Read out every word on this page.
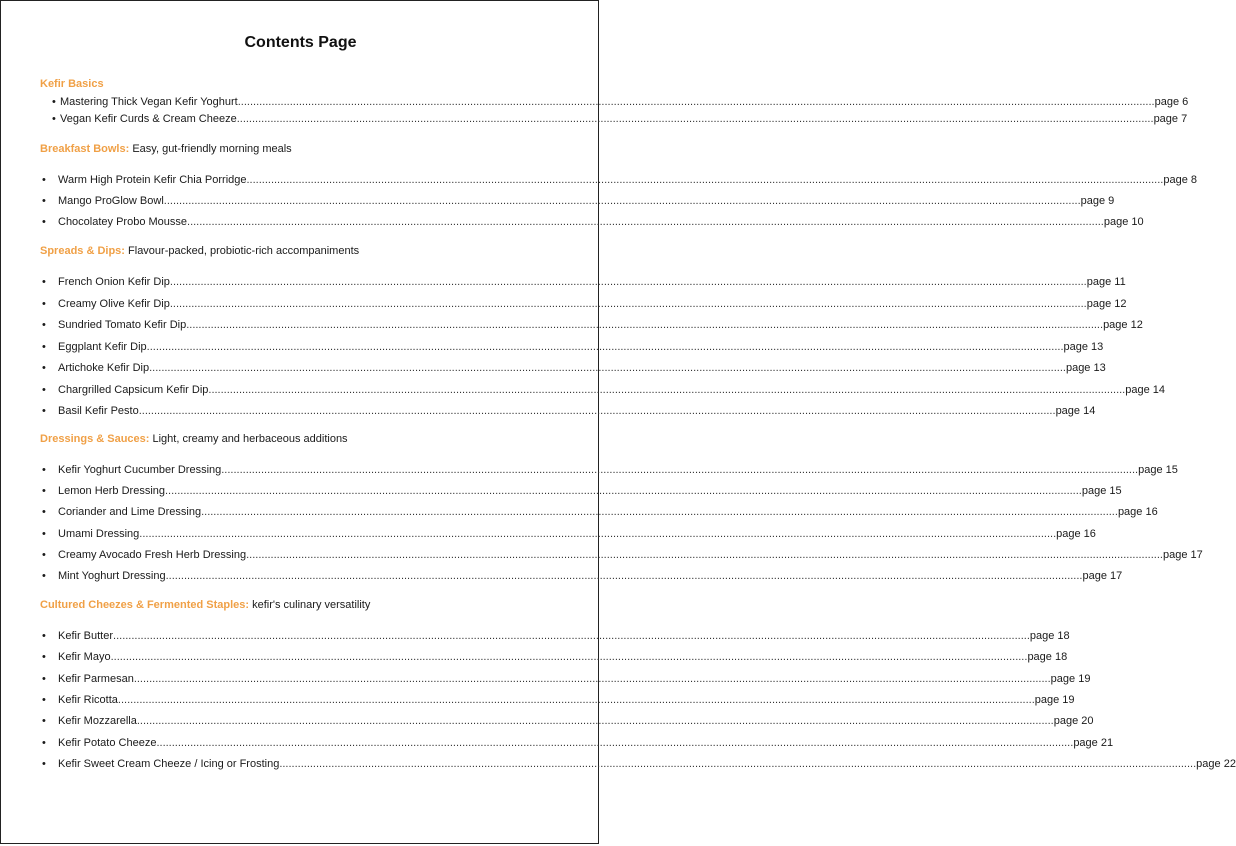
Contents Page
Kefir Basics
• Mastering Thick Vegan Kefir Yoghurt ............................................................................................................................................................................................................................................................................................................ page 6
• Vegan Kefir Curds & Cream Cheeze ............................................................................................................................................................................................................................................................................................................ page 7
Breakfast Bowls: Easy, gut-friendly morning meals
• Warm High Protein Kefir Chia Porridge ............................................................................................................................................................................................................................................................................................................ page 8
• Mango ProGlow Bowl ............................................................................................................................................................................................................................................................................................................ page 9
• Chocolatey Probo Mousse ............................................................................................................................................................................................................................................................................................................ page 10
Spreads & Dips: Flavour-packed, probiotic-rich accompaniments
• French Onion Kefir Dip ............................................................................................................................................................................................................................................................................................................ page 11
• Creamy Olive Kefir Dip ............................................................................................................................................................................................................................................................................................................ page 12
• Sundried Tomato Kefir Dip ............................................................................................................................................................................................................................................................................................................ page 12
• Eggplant Kefir Dip ............................................................................................................................................................................................................................................................................................................ page 13
• Artichoke Kefir Dip ............................................................................................................................................................................................................................................................................................................ page 13
• Chargrilled Capsicum Kefir Dip ............................................................................................................................................................................................................................................................................................................ page 14
• Basil Kefir Pesto ............................................................................................................................................................................................................................................................................................................ page 14
Dressings & Sauces: Light, creamy and herbaceous additions
• Kefir Yoghurt Cucumber Dressing ............................................................................................................................................................................................................................................................................................................ page 15
• Lemon Herb Dressing ............................................................................................................................................................................................................................................................................................................ page 15
• Coriander and Lime Dressing ............................................................................................................................................................................................................................................................................................................ page 16
• Umami Dressing ............................................................................................................................................................................................................................................................................................................ page 16
• Creamy Avocado Fresh Herb Dressing ............................................................................................................................................................................................................................................................................................................ page 17
• Mint Yoghurt Dressing ............................................................................................................................................................................................................................................................................................................ page 17
Cultured Cheezes & Fermented Staples: kefir's culinary versatility
• Kefir Butter ............................................................................................................................................................................................................................................................................................................ page 18
• Kefir Mayo ............................................................................................................................................................................................................................................................................................................ page 18
• Kefir Parmesan ............................................................................................................................................................................................................................................................................................................ page 19
• Kefir Ricotta ............................................................................................................................................................................................................................................................................................................ page 19
• Kefir Mozzarella ............................................................................................................................................................................................................................................................................................................ page 20
• Kefir Potato Cheeze ............................................................................................................................................................................................................................................................................................................ page 21
• Kefir Sweet Cream Cheeze / Icing or Frosting ............................................................................................................................................................................................................................................................................................................ page 22
